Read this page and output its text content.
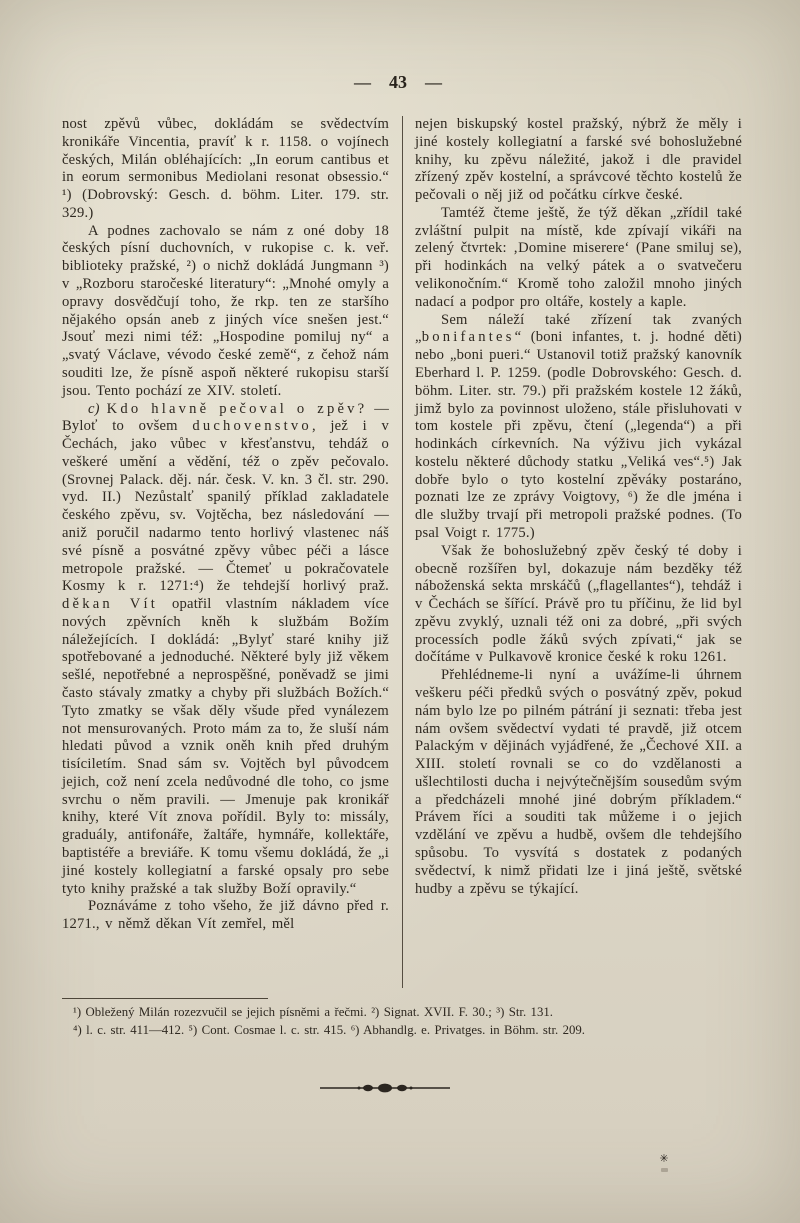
— 43 —

nost zpěvů vůbec, dokládám se svědectvím kronikáře Vincentia, pravíť k r. 1158. o vojínech českých, Milán obléhajících: „In eorum cantibus et in eorum sermonibus Mediolani resonat obsessio.“ ¹) (Dobrovský: Gesch. d. böhm. Liter. 179. str. 329.)

A podnes zachovalo se nám z oné doby 18 českých písní duchovních, v rukopise c. k. veř. biblioteky pražské, ²) o nichž dokládá Jungmann ³) v „Rozboru staročeské literatury“: „Mnohé omyly a opravy dosvědčují toho, že rkp. ten ze staršího nějakého opsán aneb z jiných více snešen jest.“ Jsouť mezi nimi též: „Hospodine pomiluj ny“ a „svatý Václave, vévodo české země“, z čehož nám souditi lze, že písně aspoň některé rukopisu starší jsou. Tento pochází ze XIV. století.

c) Kdo hlavně pečoval o zpěv? — Byloť to ovšem duchovenstvo, jež i v Čechách, jako vůbec v křesťanstvu, tehdáž o veškeré umění a vědění, též o zpěv pečovalo. (Srovnej Palack. děj. nár. česk. V. kn. 3 čl. str. 290. vyd. II.) Nezůstalť spanilý příklad zakladatele českého zpěvu, sv. Vojtěcha, bez následování — aniž poručil nadarmo tento horlivý vlastenec náš své písně a posvátné zpěvy vůbec péči a lásce metropole pražské. — Čtemeť u pokračovatele Kosmy k r. 1271:⁴) že tehdejší horlivý praž. děkan Vít opatřil vlastním nákladem více nových zpěvních kněh k službám Božím náležejících. I dokládá: „Bylyť staré knihy již spotřebované a jednoduché. Některé byly již věkem sešlé, nepotřebné a neprospěšné, poněvadž se jimi často stávaly zmatky a chyby při službách Božích.“ Tyto zmatky se však děly všude před vynálezem not mensurovaných. Proto mám za to, že sluší nám hledati původ a vznik oněh knih před druhým tisíciletím. Snad sám sv. Vojtěch byl původcem jejich, což není zcela nedůvodné dle toho, co jsme svrchu o něm pravili. — Jmenuje pak kronikář knihy, které Vít znova pořídil. Byly to: missály, graduály, antifonáře, žaltáře, hymnáře, kollektáře, baptistéře a breviáře. K tomu všemu dokládá, že „i jiné kostely kollegiatní a farské opsaly pro sebe tyto knihy pražské a tak služby Boží opravily.“

Poznáváme z toho všeho, že již dávno před r. 1271., v němž děkan Vít zemřel, měl

nejen biskupský kostel pražský, nýbrž že měly i jiné kostely kollegiatní a farské své bohoslužebné knihy, ku zpěvu náležité, jakož i dle pravidel zřízený zpěv kostelní, a správcové těchto kostelů že pečovali o něj již od počátku církve české.

Tamtéž čteme ještě, že týž děkan „zřídil také zvláštní pulpit na místě, kde zpívají vikáři na zelený čtvrtek: ‚Domine miserere‘ (Pane smiluj se), při hodinkách na velký pátek a o svatvečeru velikonočním.“ Kromě toho založil mnoho jiných nadací a podpor pro oltáře, kostely a kaple.

Sem náleží také zřízení tak zvaných „bonifantes“ (boni infantes, t. j. hodné děti) nebo „boni pueri.“ Ustanovil totiž pražský kanovník Eberhard l. P. 1259. (podle Dobrovského: Gesch. d. böhm. Liter. str. 79.) při pražském kostele 12 žáků, jimž bylo za povinnost uloženo, stále přisluhovati v tom kostele při zpěvu, čtení („legenda“) a při hodinkách církevních. Na výživu jich vykázal kostelu některé důchody statku „Veliká ves“.⁵) Jak dobře bylo o tyto kostelní zpěváky postaráno, poznati lze ze zprávy Voigtovy, ⁶) že dle jména i dle služby trvají při metropoli pražské podnes. (To psal Voigt r. 1775.)

Však že bohoslužebný zpěv český té doby i obecně rozšířen byl, dokazuje nám bezděky též náboženská sekta mrskáčů („flagellantes“), tehdáž i v Čechách se šířící. Právě pro tu příčinu, že lid byl zpěvu zvyklý, uznali též oni za dobré, „při svých processích podle žáků svých zpívati,“ jak se dočítáme v Pulkavově kronice české k roku 1261.

Přehlédneme-li nyní a uvážíme-li úhrnem veškeru péči předků svých o posvátný zpěv, pokud nám bylo lze po pilném pátrání ji seznati: třeba jest nám ovšem svědectví vydati té pravdě, již otcem Palackým v dějinách vyjádřené, že „Čechové XII. a XIII. století rovnali se co do vzdělanosti a ušlechtilosti ducha i nejvýtečnějším sousedům svým a předcházeli mnohé jiné dobrým příkladem.“ Právem říci a souditi tak můžeme i o jejich vzdělání ve zpěvu a hudbě, ovšem dle tehdejšího spůsobu. To vysvítá s dostatek z podaných svědectví, k nimž přidati lze i jiná ještě, světské hudby a zpěvu se týkající.

¹) Obležený Milán rozezvučil se jejich písněmi a řečmi. ²) Signat. XVII. F. 30.; ³) Str. 131.
⁴) l. c. str. 411—412. ⁵) Cont. Cosmae l. c. str. 415. ⁶) Abhandlg. e. Privatges. in Böhm. str. 209.
✳
